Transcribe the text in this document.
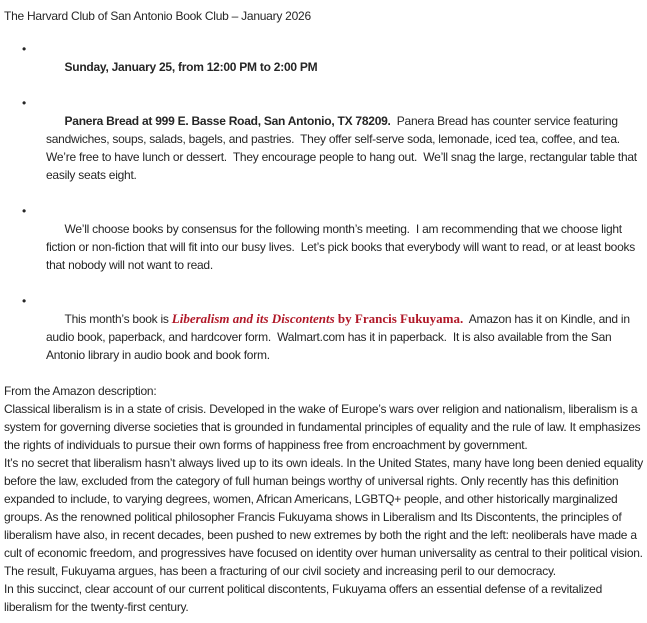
The Harvard Club of San Antonio Book Club – January 2026

•
Sunday, January 25, from 12:00 PM to 2:00 PM

•
Panera Bread at 999 E. Basse Road, San Antonio, TX 78209.  Panera Bread has counter service featuring sandwiches, soups, salads, bagels, and pastries.  They offer self-serve soda, lemonade, iced tea, coffee, and tea.  We’re free to have lunch or dessert.  They encourage people to hang out.  We’ll snag the large, rectangular table that easily seats eight.

•
We’ll choose books by consensus for the following month’s meeting.  I am recommending that we choose light fiction or non-fiction that will fit into our busy lives.  Let’s pick books that everybody will want to read, or at least books that nobody will not want to read.

•
This month’s book is Liberalism and its Discontents by Francis Fukuyama.  Amazon has it on Kindle, and in audio book, paperback, and hardcover form.  Walmart.com has it in paperback.  It is also available from the San Antonio library in audio book and book form.

From the Amazon description:

Classical liberalism is in a state of crisis. Developed in the wake of Europe’s wars over religion and nationalism, liberalism is a system for governing diverse societies that is grounded in fundamental principles of equality and the rule of law. It emphasizes the rights of individuals to pursue their own forms of happiness free from encroachment by government.

It’s no secret that liberalism hasn’t always lived up to its own ideals. In the United States, many have long been denied equality before the law, excluded from the category of full human beings worthy of universal rights. Only recently has this definition expanded to include, to varying degrees, women, African Americans, LGBTQ+ people, and other historically marginalized groups. As the renowned political philosopher Francis Fukuyama shows in Liberalism and Its Discontents, the principles of liberalism have also, in recent decades, been pushed to new extremes by both the right and the left: neoliberals have made a cult of economic freedom, and progressives have focused on identity over human universality as central to their political vision. The result, Fukuyama argues, has been a fracturing of our civil society and increasing peril to our democracy.

In this succinct, clear account of our current political discontents, Fukuyama offers an essential defense of a revitalized liberalism for the twenty-first century.
